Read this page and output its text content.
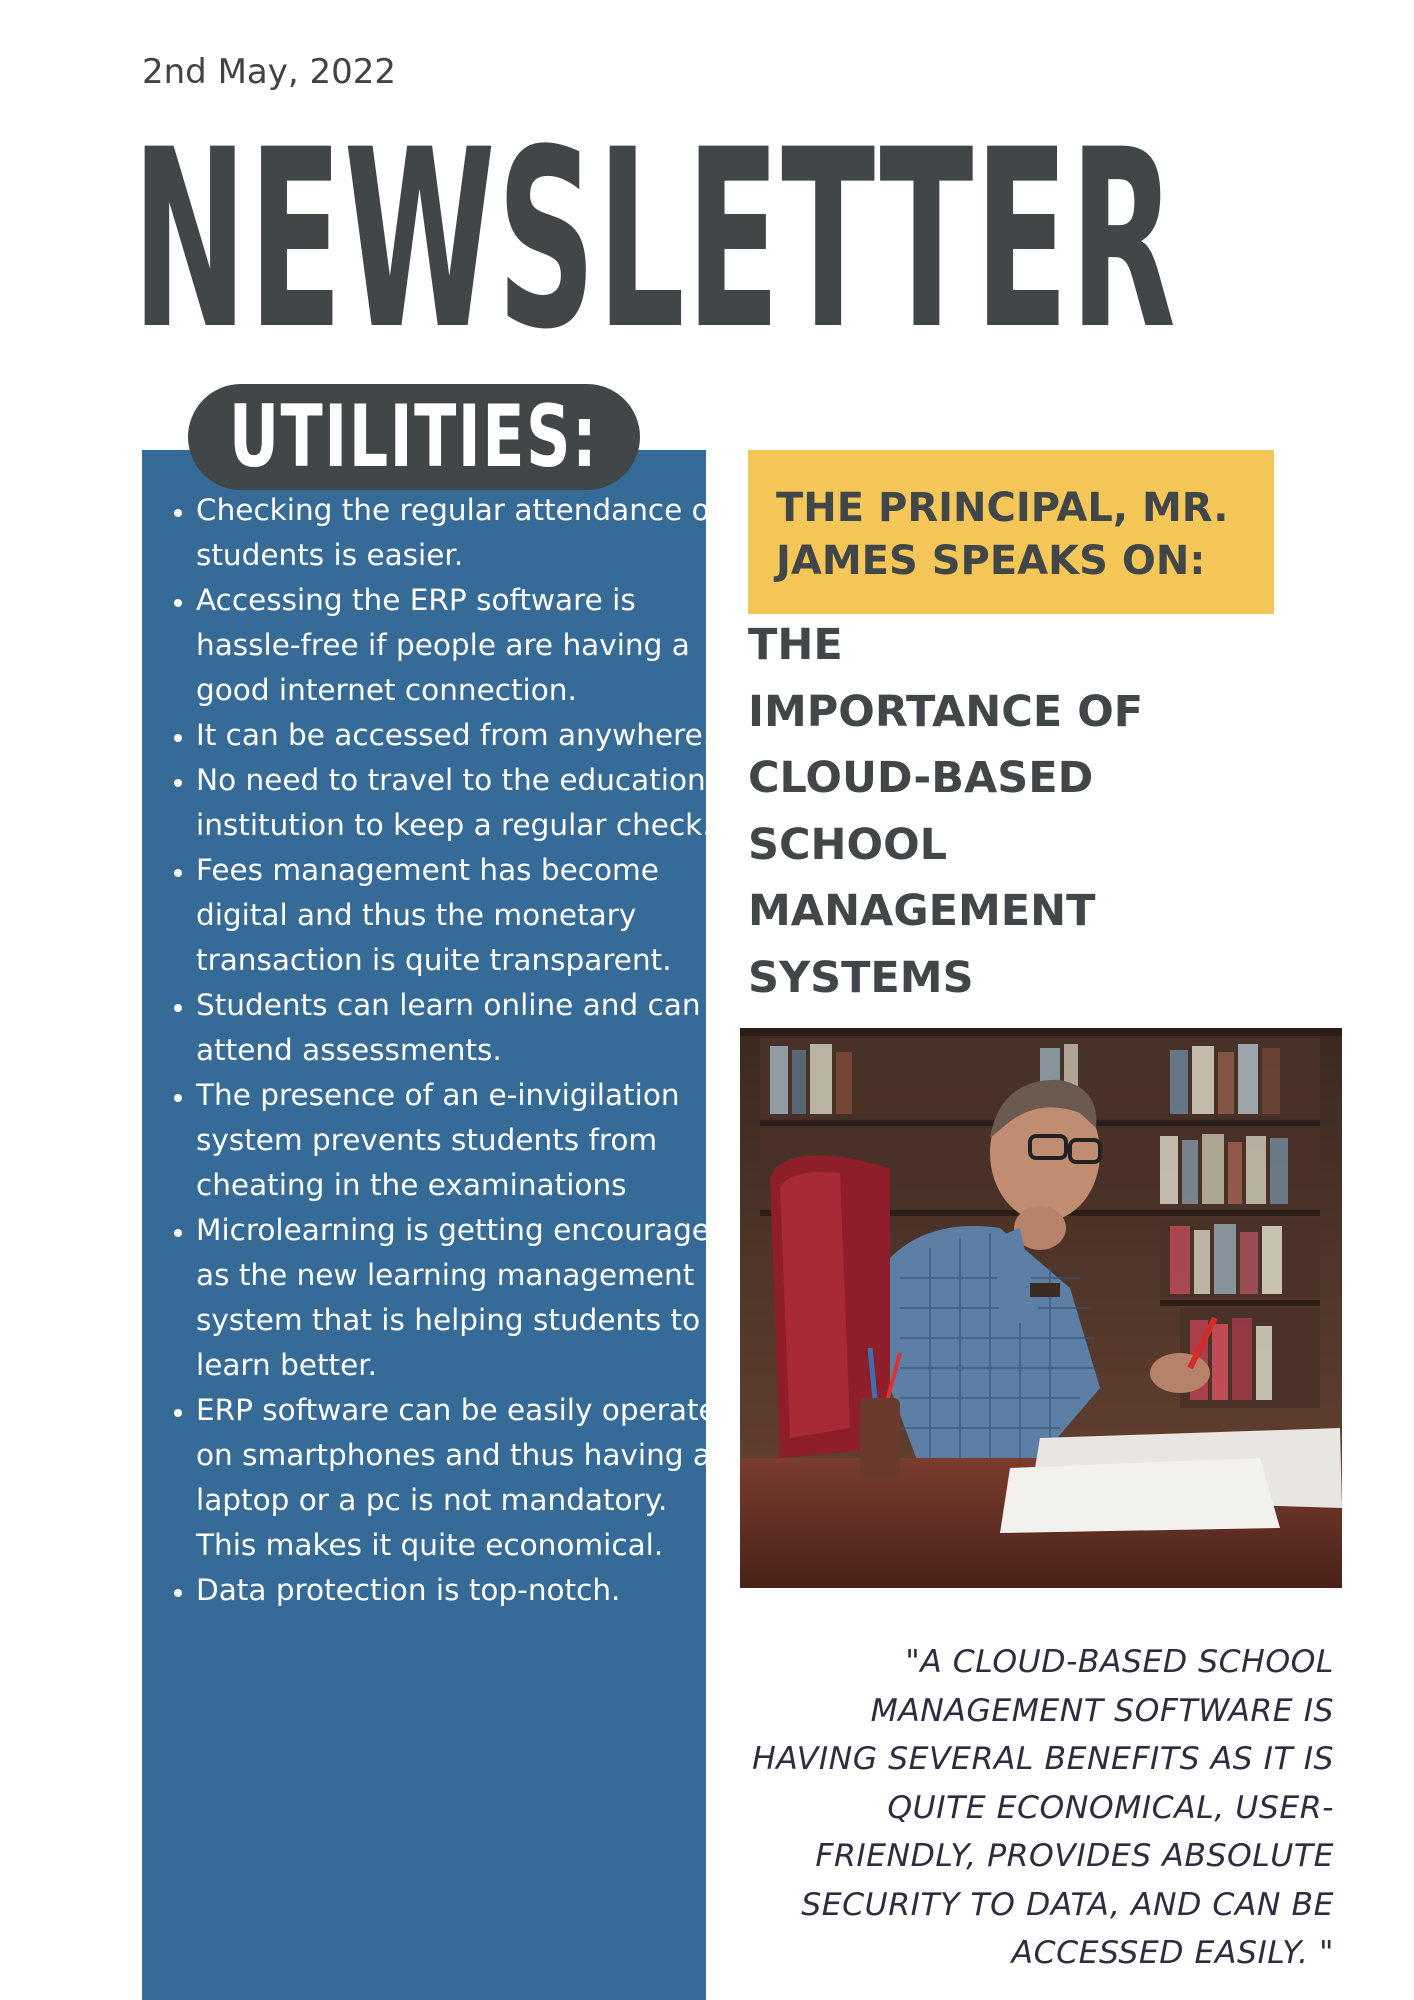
2nd May, 2022
NEWSLETTER
UTILITIES:
• Checking the regular attendance of students is easier.
• Accessing the ERP software is hassle-free if people are having a good internet connection.
• It can be accessed from anywhere.
• No need to travel to the educational institution to keep a regular check.
• Fees management has become digital and thus the monetary transaction is quite transparent.
• Students can learn online and can attend assessments.
• The presence of an e-invigilation system prevents students from cheating in the examinations
• Microlearning is getting encouraged as the new learning management system that is helping students to learn better.
• ERP software can be easily operated on smartphones and thus having a laptop or a pc is not mandatory. This makes it quite economical.
• Data protection is top-notch.
THE PRINCIPAL, MR.
JAMES SPEAKS ON:
THE
IMPORTANCE OF
CLOUD-BASED
SCHOOL
MANAGEMENT
SYSTEMS
"A CLOUD-BASED SCHOOL MANAGEMENT SOFTWARE IS HAVING SEVERAL BENEFITS AS IT IS QUITE ECONOMICAL, USER-FRIENDLY, PROVIDES ABSOLUTE SECURITY TO DATA, AND CAN BE ACCESSED EASILY. "
